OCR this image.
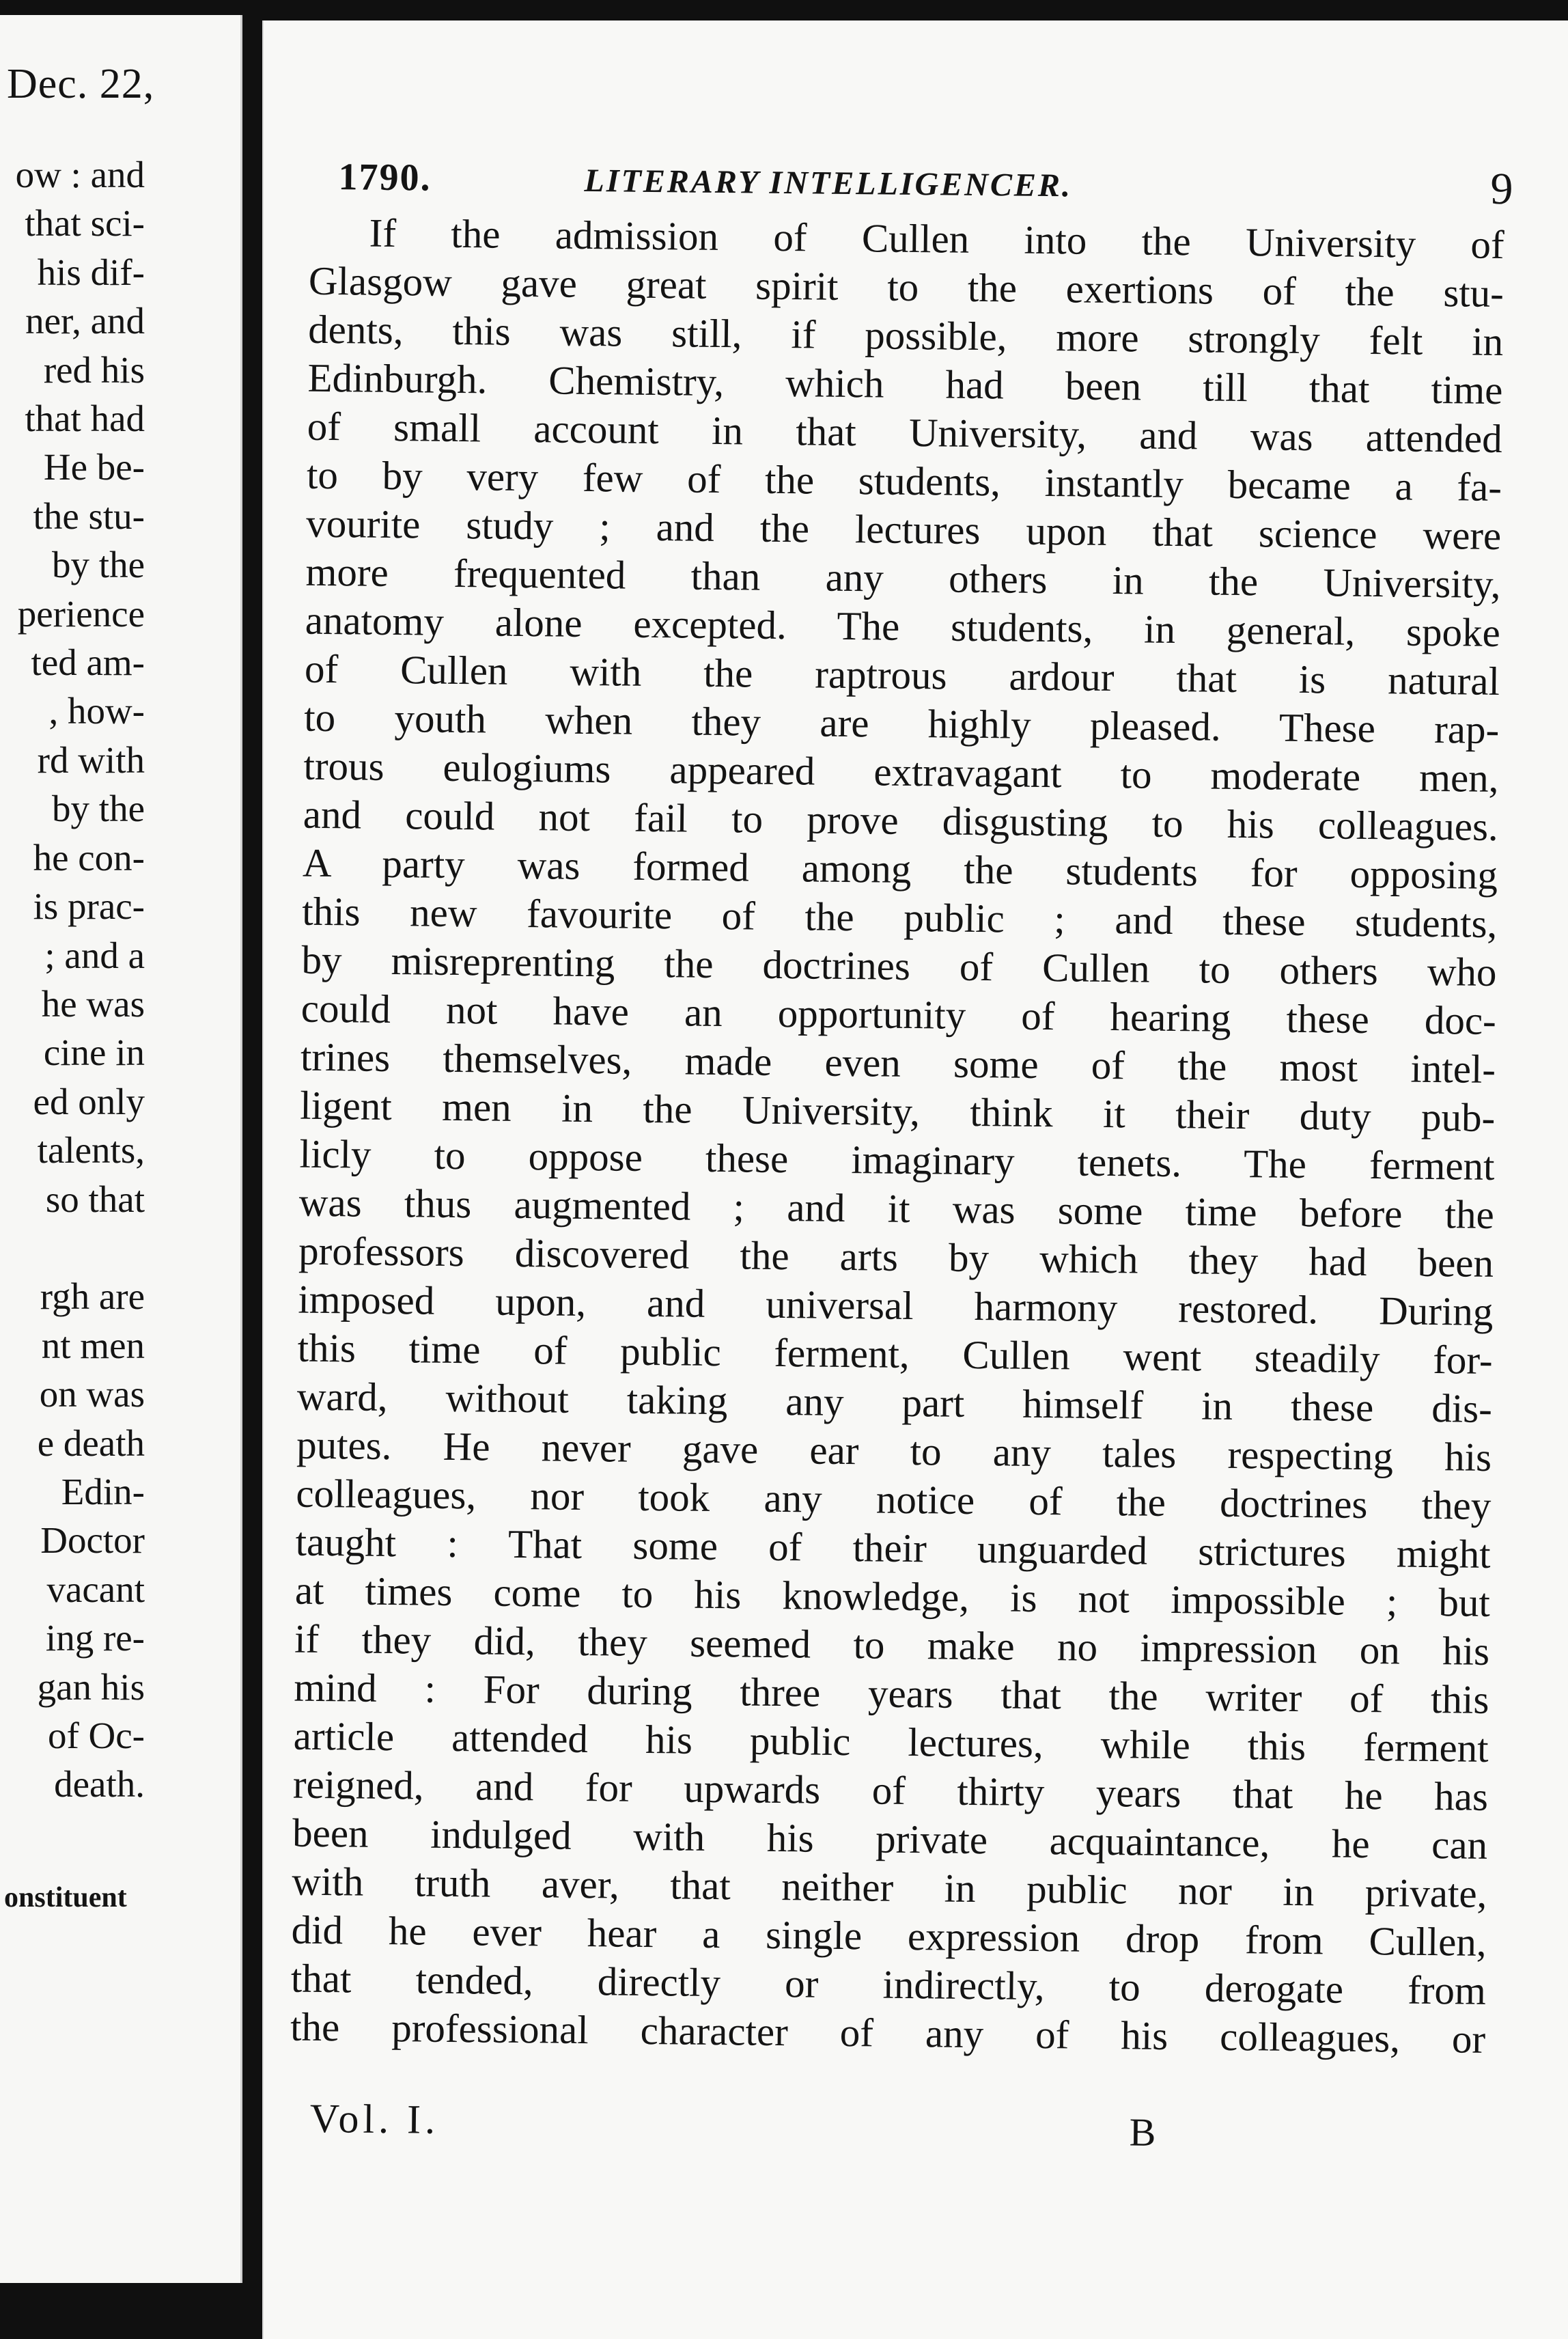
Dec. 22,
ow : and
that sci-
his dif-
ner, and
red his
that had
He be-
the stu-
by the
perience
ted am-
, how-
rd with
by the
he con-
is prac-
; and a
he was
cine in
ed only
talents,
so that

rgh are
nt men
on was
e death
Edin-
Doctor
vacant
ing re-
gan his
of Oc-
death.
onstituent
1790.	LITERARY INTELLIGENCER.	9
If the admission of Cullen into the University of
Glasgow gave great spirit to the exertions of the stu-
dents, this was still, if possible, more strongly felt in
Edinburgh. Chemistry, which had been till that time
of small account in that University, and was attended
to by very few of the students, instantly became a fa-
vourite study ; and the lectures upon that science were
more frequented than any others in the University,
anatomy alone excepted. The students, in general, spoke
of Cullen with the raptrous ardour that is natural
to youth when they are highly pleased. These rap-
trous eulogiums appeared extravagant to moderate men,
and could not fail to prove disgusting to his colleagues.
A party was formed among the students for opposing
this new favourite of the public ; and these students,
by misreprenting the doctrines of Cullen to others who
could not have an opportunity of hearing these doc-
trines themselves, made even some of the most intel-
ligent men in the University, think it their duty pub-
licly to oppose these imaginary tenets. The ferment
was thus augmented ; and it was some time before the
professors discovered the arts by which they had been
imposed upon, and universal harmony restored. During
this time of public ferment, Cullen went steadily for-
ward, without taking any part himself in these dis-
putes. He never gave ear to any tales respecting his
colleagues, nor took any notice of the doctrines they
taught : That some of their unguarded strictures might
at times come to his knowledge, is not impossible ; but
if they did, they seemed to make no impression on his
mind : For during three years that the writer of this
article attended his public lectures, while this ferment
reigned, and for upwards of thirty years that he has
been indulged with his private acquaintance, he can
with truth aver, that neither in public nor in private,
did he ever hear a single expression drop from Cullen,
that tended, directly or indirectly, to derogate from
the professional character of any of his colleagues, or
Vol. I.	B
